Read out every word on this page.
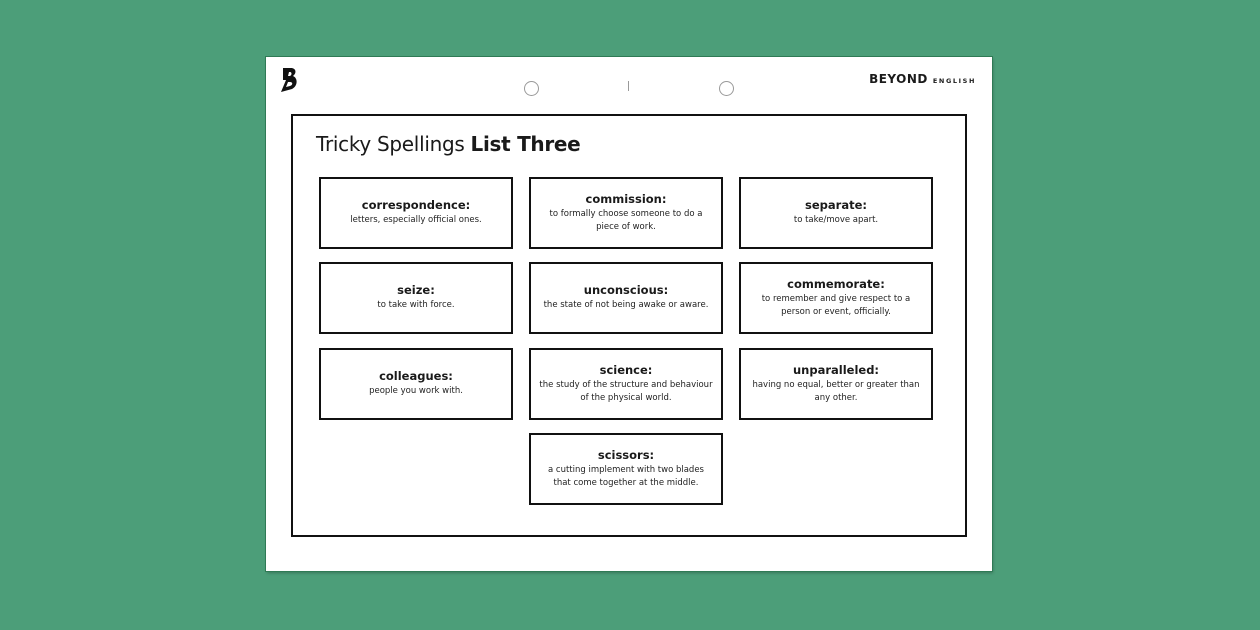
BEYOND ENGLISH
Tricky Spellings List Three
correspondence:
letters, especially official ones.
commission:
to formally choose someone to do a piece of work.
separate:
to take/move apart.
seize:
to take with force.
unconscious:
the state of not being awake or aware.
commemorate:
to remember and give respect to a person or event, officially.
colleagues:
people you work with.
science:
the study of the structure and behaviour of the physical world.
unparalleled:
having no equal, better or greater than any other.
scissors:
a cutting implement with two blades that come together at the middle.
